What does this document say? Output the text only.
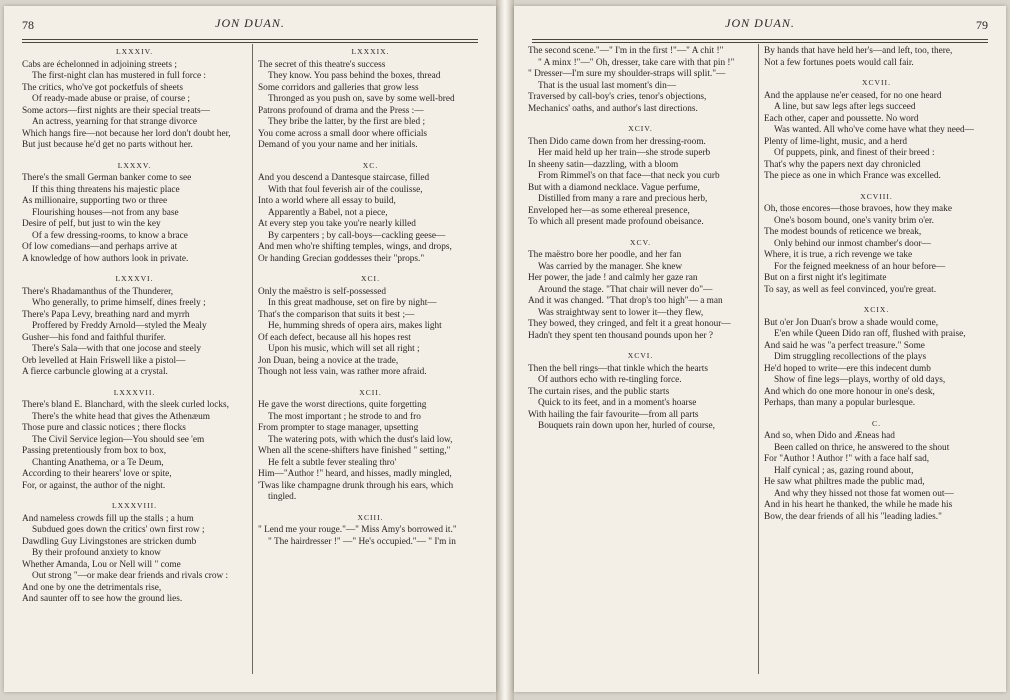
78	JON DUAN.
LXXXIV.
Cabs are échelonned in adjoining streets ;
The first-night clan has mustered in full force :
The critics, who've got pocketfuls of sheets
Of ready-made abuse or praise, of course ;
Some actors—first nights are their special treats—
An actress, yearning for that strange divorce
Which hangs fire—not because her lord don't doubt her,
But just because he'd get no parts without her.
LXXXV.
There's the small German banker come to see
If this thing threatens his majestic place
As millionaire, supporting two or three
Flourishing houses—not from any base
Desire of pelf, but just to win the key
Of a few dressing-rooms, to know a brace
Of low comedians—and perhaps arrive at
A knowledge of how authors look in private.
LXXXVI.
There's Rhadamanthus of the Thunderer,
Who generally, to prime himself, dines freely ;
There's Papa Levy, breathing nard and myrrh
Proffered by Freddy Arnold—styled the Mealy
Gusher—his fond and faithful thurifer.
There's Sala—with that one jocose and steely
Orb levelled at Hain Friswell like a pistol—
A fierce carbuncle glowing at a crystal.
LXXXVII.
There's bland E. Blanchard, with the sleek curled locks,
There's the white head that gives the Athenæum
Those pure and classic notices ; there flocks
The Civil Service legion—You should see 'em
Passing pretentiously from box to box,
Chanting Anathema, or a Te Deum,
According to their hearers' love or spite,
For, or against, the author of the night.
LXXXVIII.
And nameless crowds fill up the stalls ; a hum
Subdued goes down the critics' own first row ;
Dawdling Guy Livingstones are stricken dumb
By their profound anxiety to know
Whether Amanda, Lou or Nell will " come
Out strong "—or make dear friends and rivals crow :
And one by one the detrimentals rise,
And saunter off to see how the ground lies.
LXXXIX.
The secret of this theatre's success
They know. You pass behind the boxes, thread
Some corridors and galleries that grow less
Thronged as you push on, save by some well-bred
Patrons profound of drama and the Press :—
They bribe the latter, by the first are bled ;
You come across a small door where officials
Demand of you your name and her initials.
XC.
And you descend a Dantesque staircase, filled
With that foul feverish air of the coulisse,
Into a world where all essay to build,
Apparently a Babel, not a piece,
At every step you take you're nearly killed
By carpenters ; by call-boys—cackling geese—
And men who're shifting temples, wings, and drops,
Or handing Grecian goddesses their "props."
XCI.
Only the maëstro is self-possessed
In this great madhouse, set on fire by night—
That's the comparison that suits it best ;—
He, humming shreds of opera airs, makes light
Of each defect, because all his hopes rest
Upon his music, which will set all right ;
Jon Duan, being a novice at the trade,
Though not less vain, was rather more afraid.
XCII.
He gave the worst directions, quite forgetting
The most important ; he strode to and fro
From prompter to stage manager, upsetting
The watering pots, with which the dust's laid low,
When all the scene-shifters have finished " setting,"
He felt a subtle fever stealing thro'
Him—"Author !" heard, and hisses, madly mingled,
'Twas like champagne drunk through his ears, which tingled.
XCIII.
" Lend me your rouge."—" Miss Amy's borrowed it."
" The hairdresser !" —" He's occupied."— " I'm in
JON DUAN.	79
The second scene."—" I'm in the first !"—" A chit !"
" A minx !"—" Oh, dresser, take care with that pin !"
" Dresser—I'm sure my shoulder-straps will split."—
That is the usual last moment's din—
Traversed by call-boy's cries, tenor's objections,
Mechanics' oaths, and author's last directions.
XCIV.
Then Dido came down from her dressing-room.
Her maid held up her train—she strode superb
In sheeny satin—dazzling, with a bloom
From Rimmel's on that face—that neck you curb
But with a diamond necklace. Vague perfume,
Distilled from many a rare and precious herb,
Enveloped her—as some ethereal presence,
To which all present made profound obeisance.
XCV.
The maëstro bore her poodle, and her fan
Was carried by the manager. She knew
Her power, the jade ! and calmly her gaze ran
Around the stage. "That chair will never do"—
And it was changed. "That drop's too high"— a man
Was straightway sent to lower it—they flew,
They bowed, they cringed, and felt it a great honour—
Hadn't they spent ten thousand pounds upon her ?
XCVI.
Then the bell rings—that tinkle which the hearts
Of authors echo with re-tingling force.
The curtain rises, and the public starts
Quick to its feet, and in a moment's hoarse
With hailing the fair favourite—from all parts
Bouquets rain down upon her, hurled of course,
By hands that have held her's—and left, too, there,
Not a few fortunes poets would call fair.
XCVII.
And the applause ne'er ceased, for no one heard
A line, but saw legs after legs succeed
Each other, caper and poussette. No word
Was wanted. All who've come have what they need—
Plenty of lime-light, music, and a herd
Of puppets, pink, and finest of their breed :
That's why the papers next day chronicled
The piece as one in which France was excelled.
XCVIII.
Oh, those encores—those bravoes, how they make
One's bosom bound, one's vanity brim o'er.
The modest bounds of reticence we break,
Only behind our inmost chamber's door—
Where, it is true, a rich revenge we take
For the feigned meekness of an hour before—
But on a first night it's legitimate
To say, as well as feel convinced, you're great.
XCIX.
But o'er Jon Duan's brow a shade would come,
E'en while Queen Dido ran off, flushed with praise,
And said he was "a perfect treasure." Some
Dim struggling recollections of the plays
He'd hoped to write—ere this indecent dumb
Show of fine legs—plays, worthy of old days,
And which do one more honour in one's desk,
Perhaps, than many a popular burlesque.
C.
And so, when Dido and Æneas had
Been called on thrice, he answered to the shout
For "Author ! Author !" with a face half sad,
Half cynical ; as, gazing round about,
He saw what philtres made the public mad,
And why they hissed not those fat women out—
And in his heart he thanked, the while he made his
Bow, the dear friends of all his "leading ladies."
